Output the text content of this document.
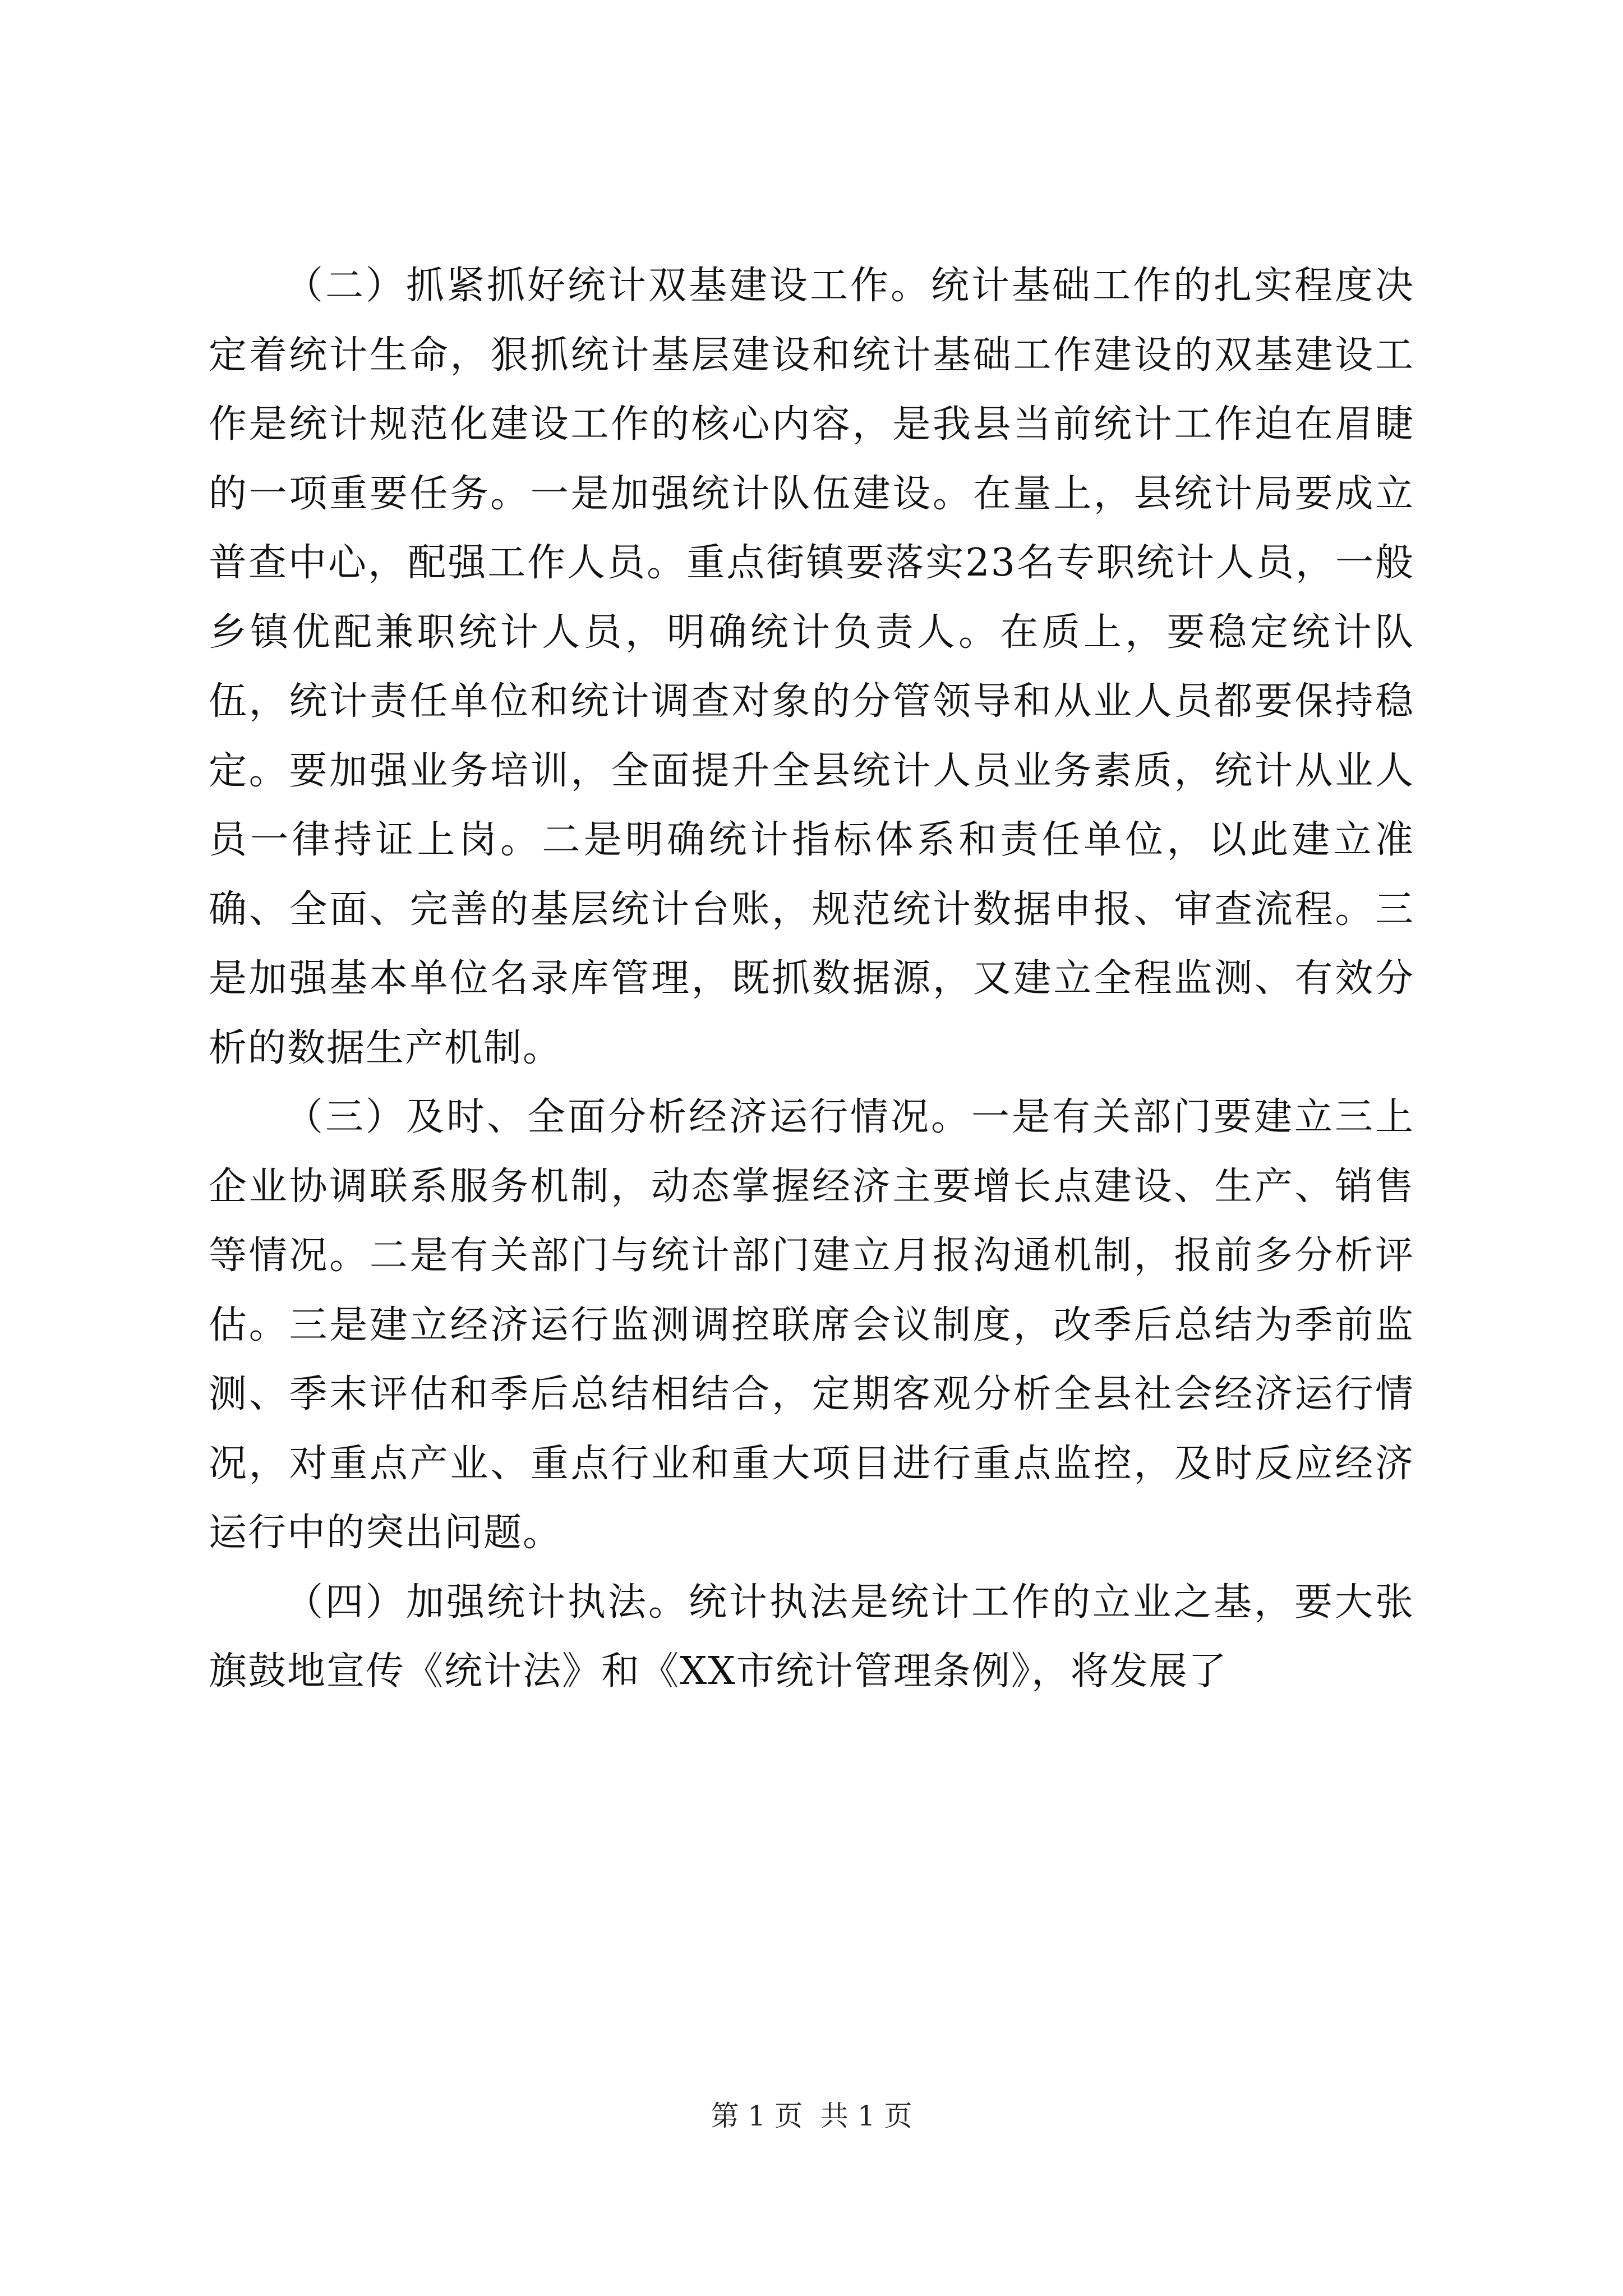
（二）抓紧抓好统计双基建设工作。统计基础工作的扎实程度决定着统计生命，狠抓统计基层建设和统计基础工作建设的双基建设工作是统计规范化建设工作的核心内容，是我县当前统计工作迫在眉睫的一项重要任务。一是加强统计队伍建设。在量上，县统计局要成立普查中心，配强工作人员。重点街镇要落实23名专职统计人员，一般乡镇优配兼职统计人员，明确统计负责人。在质上，要稳定统计队伍，统计责任单位和统计调查对象的分管领导和从业人员都要保持稳定。要加强业务培训，全面提升全县统计人员业务素质，统计从业人员一律持证上岗。二是明确统计指标体系和责任单位，以此建立准确、全面、完善的基层统计台账，规范统计数据申报、审查流程。三是加强基本单位名录库管理，既抓数据源，又建立全程监测、有效分析的数据生产机制。

（三）及时、全面分析经济运行情况。一是有关部门要建立三上企业协调联系服务机制，动态掌握经济主要增长点建设、生产、销售等情况。二是有关部门与统计部门建立月报沟通机制，报前多分析评估。三是建立经济运行监测调控联席会议制度，改季后总结为季前监测、季末评估和季后总结相结合，定期客观分析全县社会经济运行情况，对重点产业、重点行业和重大项目进行重点监控，及时反应经济运行中的突出问题。

（四）加强统计执法。统计执法是统计工作的立业之基，要大张旗鼓地宣传《统计法》和《XX市统计管理条例》，将发展了

第 1 页  共 1 页
